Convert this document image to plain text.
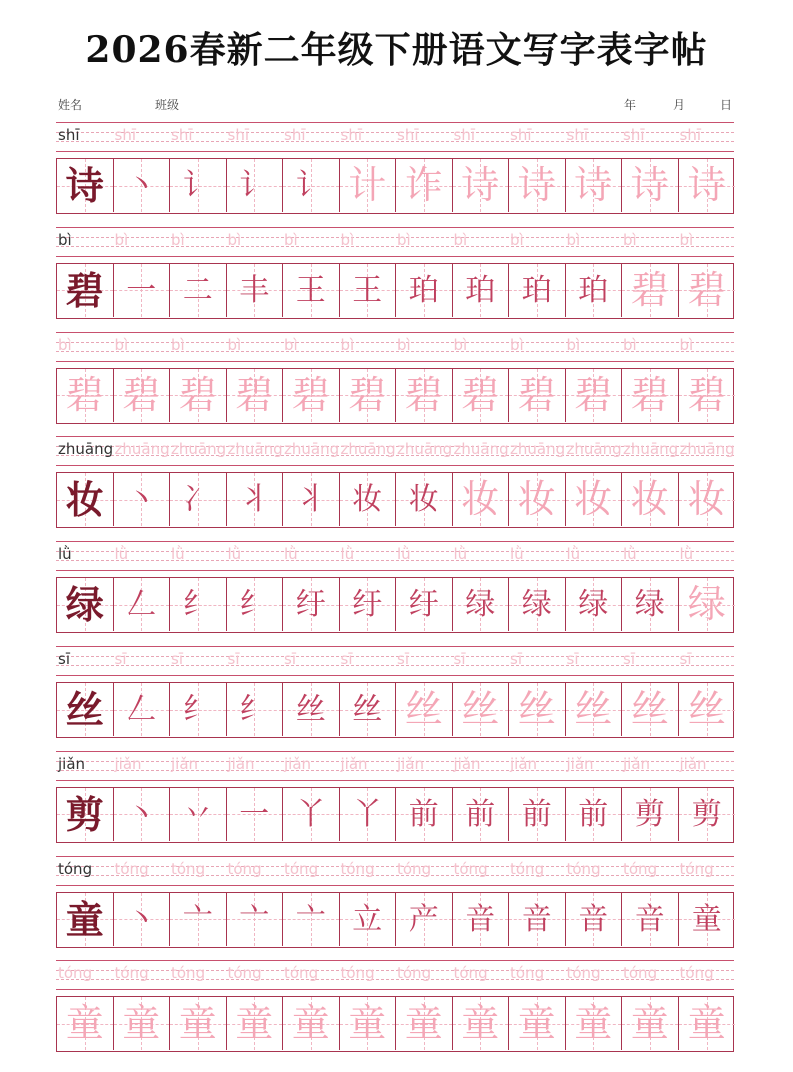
2026春新二年级下册语文写字表字帖
姓名	班级	年	月	日
shī shī shī shī shī shī shī shī shī shī shī shī
诗 丶 讠 讠 讠 计 诈 诗 诗 诗 诗 诗
bì	bì	bì	bì	bì	bì	bì	bì	bì	bì	bì	bì
碧 一 二 丰 王 王 珀 珀 珀 珀 碧 碧
bì	bì	bì	bì	bì	bì	bì	bì	bì	bì	bì	bì
碧 碧 碧 碧 碧 碧 碧 碧 碧 碧 碧 碧
zhuāng zhuāng zhuāng zhuāng zhuāng zhuāng zhuāng zhuāng zhuāng zhuāng zhuāng zhuāng
妆 丶 冫 丬 丬 妆 妆 妆 妆 妆 妆 妆
lǜ	lǜ	lǜ	lǜ	lǜ	lǜ	lǜ	lǜ	lǜ	lǜ	lǜ	lǜ
绿 𠃋 纟 纟 纡 纡 纡 绿 绿 绿 绿 绿
sī	sī	sī	sī	sī	sī	sī	sī	sī	sī	sī	sī
丝 𠃋 纟 纟 丝 丝 丝 丝 丝 丝 丝 丝
jiǎn jiǎn jiǎn jiǎn jiǎn jiǎn jiǎn jiǎn jiǎn jiǎn jiǎn jiǎn
剪 丶 丷 一 丫 丫 前 前 前 前 剪 剪
tóng tóng tóng tóng tóng tóng tóng tóng tóng tóng tóng tóng
童 丶 亠 亠 亠 立 产 音 音 音 音 童
tóng tóng tóng tóng tóng tóng tóng tóng tóng tóng tóng tóng
童 童 童 童 童 童 童 童 童 童 童 童
